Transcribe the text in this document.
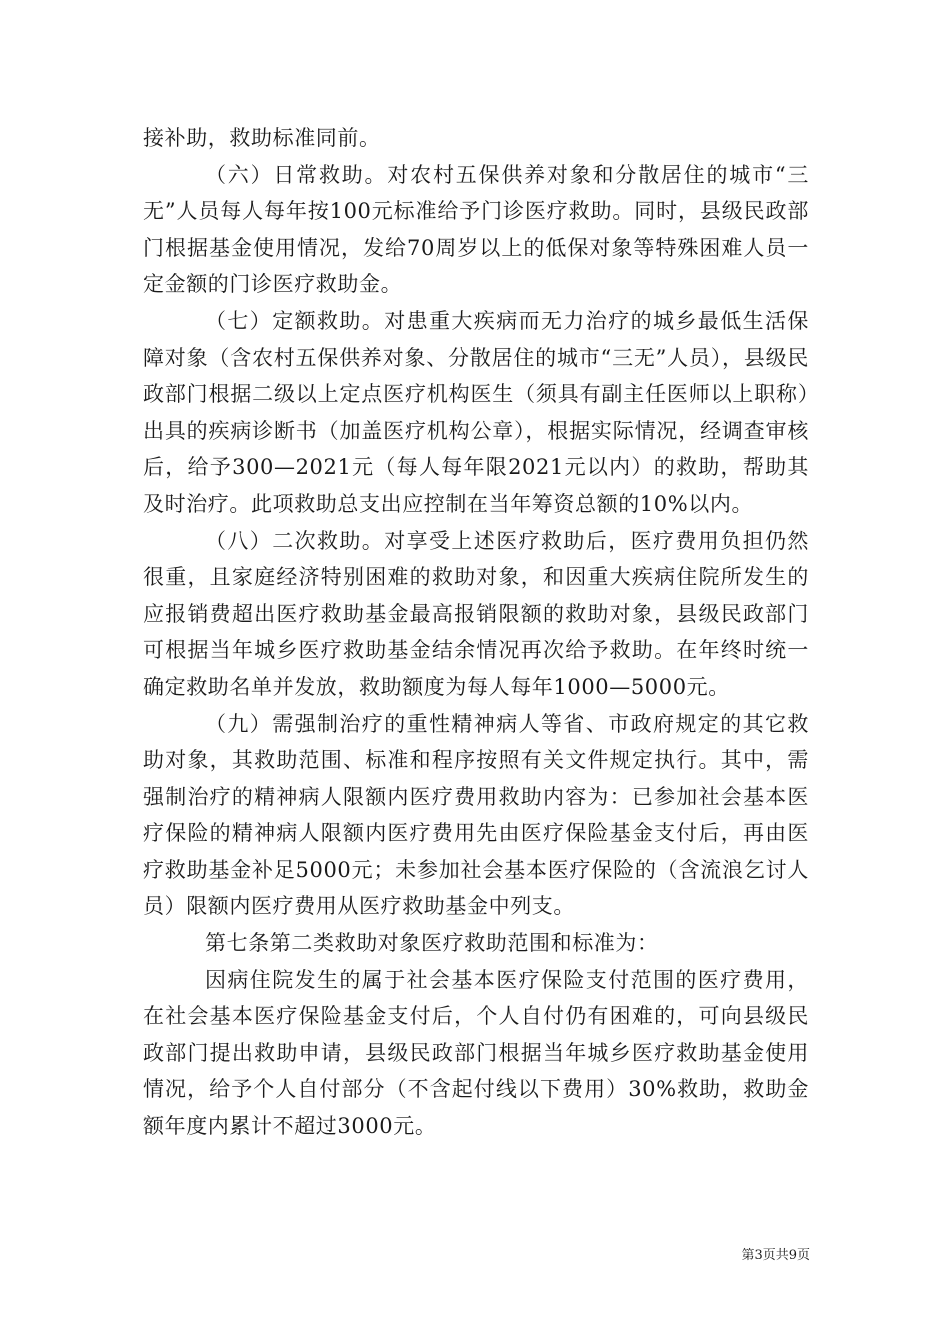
接补助，救助标准同前。

（六）日常救助。对农村五保供养对象和分散居住的城市“三无”人员每人每年按100元标准给予门诊医疗救助。同时，县级民政部门根据基金使用情况，发给70周岁以上的低保对象等特殊困难人员一定金额的门诊医疗救助金。

（七）定额救助。对患重大疾病而无力治疗的城乡最低生活保障对象（含农村五保供养对象、分散居住的城市“三无”人员），县级民政部门根据二级以上定点医疗机构医生（须具有副主任医师以上职称）出具的疾病诊断书（加盖医疗机构公章），根据实际情况，经调查审核后，给予300—2021元（每人每年限2021元以内）的救助，帮助其及时治疗。此项救助总支出应控制在当年筹资总额的10%以内。

（八）二次救助。对享受上述医疗救助后，医疗费用负担仍然很重，且家庭经济特别困难的救助对象，和因重大疾病住院所发生的应报销费超出医疗救助基金最高报销限额的救助对象，县级民政部门可根据当年城乡医疗救助基金结余情况再次给予救助。在年终时统一确定救助名单并发放，救助额度为每人每年1000—5000元。

（九）需强制治疗的重性精神病人等省、市政府规定的其它救助对象，其救助范围、标准和程序按照有关文件规定执行。其中，需强制治疗的精神病人限额内医疗费用救助内容为：已参加社会基本医疗保险的精神病人限额内医疗费用先由医疗保险基金支付后，再由医疗救助基金补足5000元；未参加社会基本医疗保险的（含流浪乞讨人员）限额内医疗费用从医疗救助基金中列支。

第七条第二类救助对象医疗救助范围和标准为：

因病住院发生的属于社会基本医疗保险支付范围的医疗费用，在社会基本医疗保险基金支付后，个人自付仍有困难的，可向县级民政部门提出救助申请，县级民政部门根据当年城乡医疗救助基金使用情况，给予个人自付部分（不含起付线以下费用）30%救助，救助金额年度内累计不超过3000元。

第3页共9页
